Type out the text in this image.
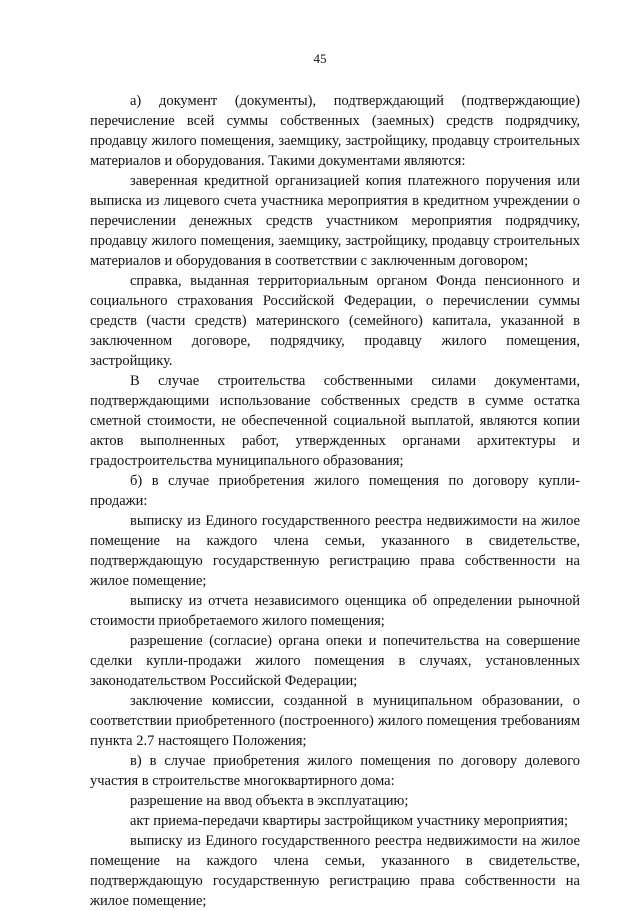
45

а) документ (документы), подтверждающий (подтверждающие) перечисление всей суммы собственных (заемных) средств подрядчику, продавцу жилого помещения, заемщику, застройщику, продавцу строительных материалов и оборудования. Такими документами являются:

заверенная кредитной организацией копия платежного поручения или выписка из лицевого счета участника мероприятия в кредитном учреждении о перечислении денежных средств участником мероприятия подрядчику, продавцу жилого помещения, заемщику, застройщику, продавцу строительных материалов и оборудования в соответствии с заключенным договором;

справка, выданная территориальным органом Фонда пенсионного и социального страхования Российской Федерации, о перечислении суммы средств (части средств) материнского (семейного) капитала, указанной в заключенном договоре, подрядчику, продавцу жилого помещения, застройщику.

В случае строительства собственными силами документами, подтверждающими использование собственных средств в сумме остатка сметной стоимости, не обеспеченной социальной выплатой, являются копии актов выполненных работ, утвержденных органами архитектуры и градостроительства муниципального образования;

б) в случае приобретения жилого помещения по договору купли-продажи:

выписку из Единого государственного реестра недвижимости на жилое помещение на каждого члена семьи, указанного в свидетельстве, подтверждающую государственную регистрацию права собственности на жилое помещение;

выписку из отчета независимого оценщика об определении рыночной стоимости приобретаемого жилого помещения;

разрешение (согласие) органа опеки и попечительства на совершение сделки купли-продажи жилого помещения в случаях, установленных законодательством Российской Федерации;

заключение комиссии, созданной в муниципальном образовании, о соответствии приобретенного (построенного) жилого помещения требованиям пункта 2.7 настоящего Положения;

в) в случае приобретения жилого помещения по договору долевого участия в строительстве многоквартирного дома:

разрешение на ввод объекта в эксплуатацию;

акт приема-передачи квартиры застройщиком участнику мероприятия;

выписку из Единого государственного реестра недвижимости на жилое помещение на каждого члена семьи, указанного в свидетельстве, подтверждающую государственную регистрацию права собственности на жилое помещение;
